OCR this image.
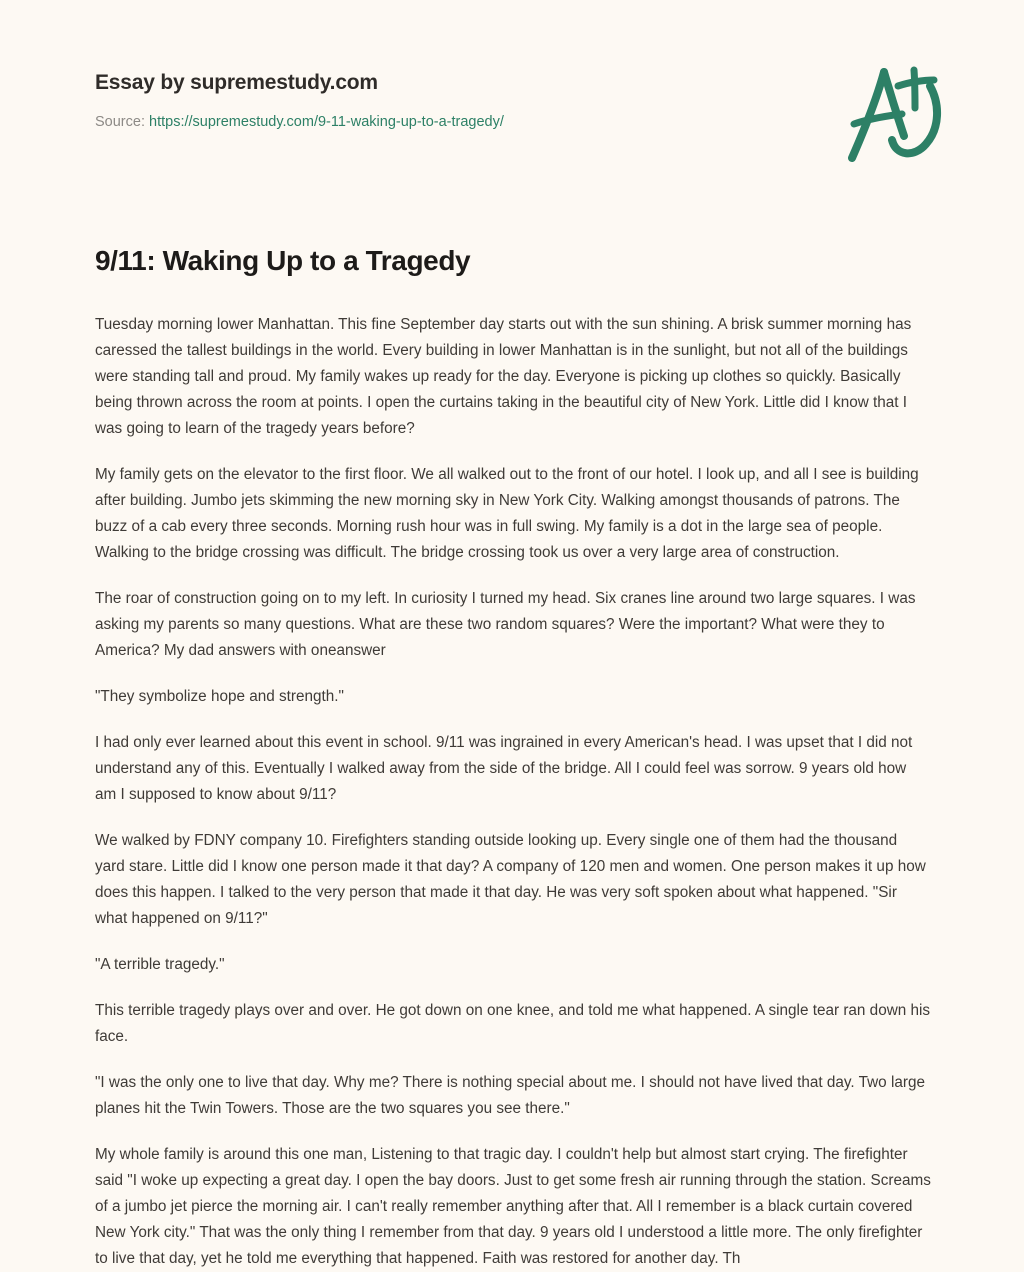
Essay by supremestudy.com
Source: https://supremestudy.com/9-11-waking-up-to-a-tragedy/
9/11: Waking Up to a Tragedy

Tuesday morning lower Manhattan. This fine September day starts out with the sun shining. A brisk summer morning has caressed the tallest buildings in the world. Every building in lower Manhattan is in the sunlight, but not all of the buildings were standing tall and proud. My family wakes up ready for the day. Everyone is picking up clothes so quickly. Basically being thrown across the room at points. I open the curtains taking in the beautiful city of New York. Little did I know that I was going to learn of the tragedy years before?

My family gets on the elevator to the first floor. We all walked out to the front of our hotel. I look up, and all I see is building after building. Jumbo jets skimming the new morning sky in New York City. Walking amongst thousands of patrons. The buzz of a cab every three seconds. Morning rush hour was in full swing. My family is a dot in the large sea of people. Walking to the bridge crossing was difficult. The bridge crossing took us over a very large area of construction.

The roar of construction going on to my left. In curiosity I turned my head. Six cranes line around two large squares. I was asking my parents so many questions. What are these two random squares? Were the important? What were they to America? My dad answers with oneanswer

"They symbolize hope and strength."

I had only ever learned about this event in school. 9/11 was ingrained in every American's head. I was upset that I did not understand any of this. Eventually I walked away from the side of the bridge. All I could feel was sorrow. 9 years old how am I supposed to know about 9/11?

We walked by FDNY company 10. Firefighters standing outside looking up. Every single one of them had the thousand yard stare. Little did I know one person made it that day? A company of 120 men and women. One person makes it up how does this happen. I talked to the very person that made it that day. He was very soft spoken about what happened. "Sir what happened on 9/11?"

"A terrible tragedy."

This terrible tragedy plays over and over. He got down on one knee, and told me what happened. A single tear ran down his face.

"I was the only one to live that day. Why me? There is nothing special about me. I should not have lived that day. Two large planes hit the Twin Towers. Those are the two squares you see there."

My whole family is around this one man, Listening to that tragic day. I couldn't help but almost start crying. The firefighter said "I woke up expecting a great day. I open the bay doors. Just to get some fresh air running through the station. Screams of a jumbo jet pierce the morning air. I can't really remember anything after that. All I remember is a black curtain covered New York city." That was the only thing I remember from that day. 9 years old I understood a little more. The only firefighter to live that day, yet he told me everything that happened. Faith was restored for another day. Th
